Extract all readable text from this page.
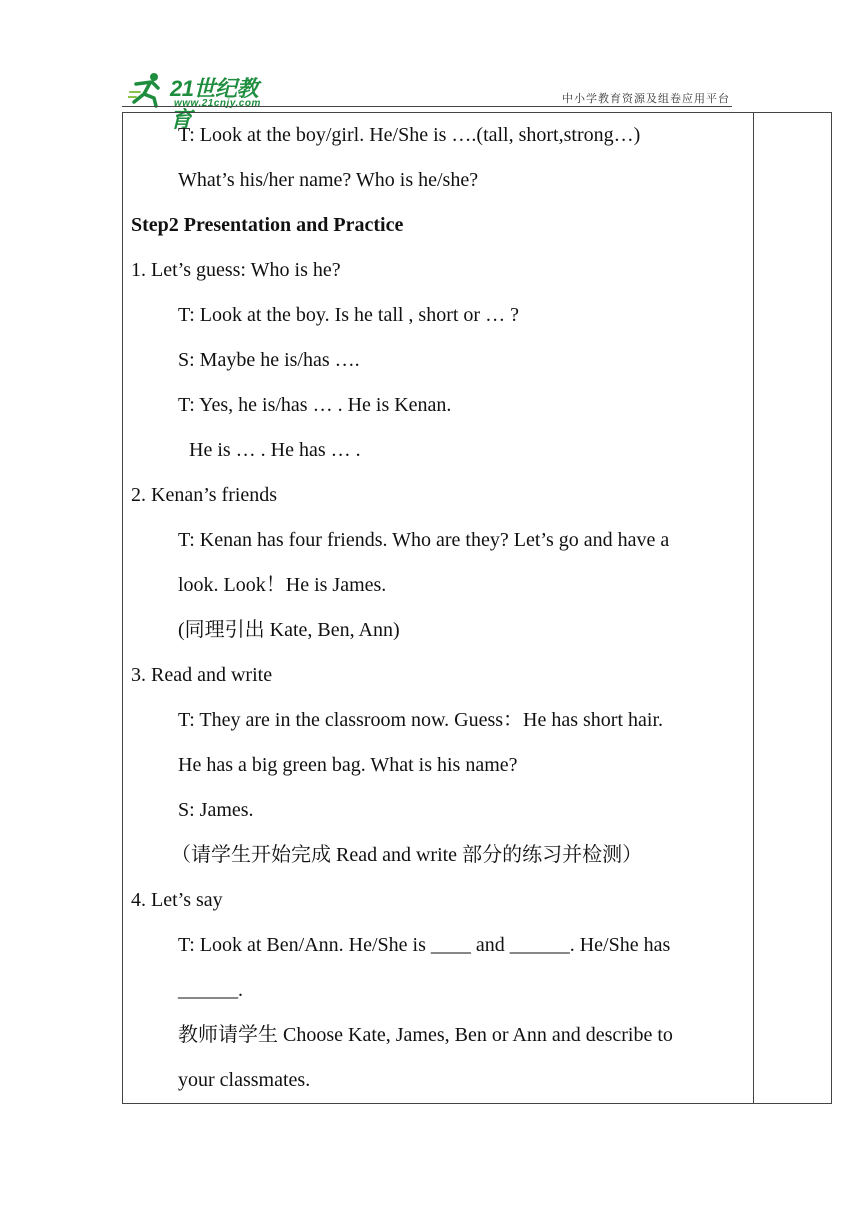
21世纪教育
www.21cnjy.com	中小学教育资源及组卷应用平台
T: Look at the boy/girl. He/She is ….(tall, short,strong…)
What’s his/her name? Who is he/she?
Step2 Presentation and Practice
1. Let’s guess: Who is he?
T: Look at the boy. Is he tall , short or … ?
S: Maybe he is/has ….
T: Yes, he is/has … . He is Kenan.
He is … . He has … .
2. Kenan’s friends
T: Kenan has four friends. Who are they? Let’s go and have a
look. Look！He is James.
(同理引出 Kate, Ben, Ann)
3. Read and write
T: They are in the classroom now. Guess：He has short hair.
He has a big green bag. What is his name?
S: James.
（请学生开始完成 Read and write 部分的练习并检测）
4. Let’s say
T: Look at Ben/Ann. He/She is ____ and ______. He/She has
______.
教师请学生 Choose Kate, James, Ben or Ann and describe to
your classmates.
